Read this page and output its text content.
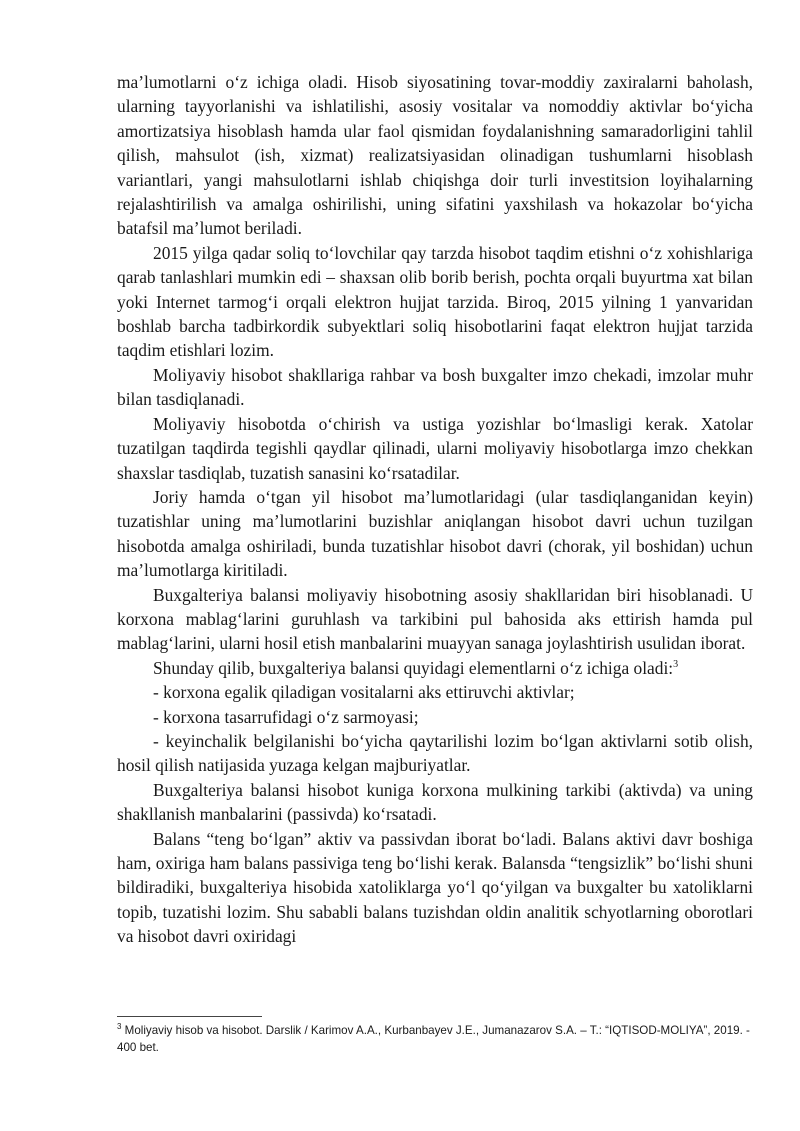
ma’lumotlarni o‘z ichiga oladi. Hisob siyosatining tovar-moddiy zaxiralarni baholash, ularning tayyorlanishi va ishlatilishi, asosiy vositalar va nomoddiy aktivlar bo‘yicha amortizatsiya hisoblash hamda ular faol qismidan foydalanishning samaradorligini tahlil qilish, mahsulot (ish, xizmat) realizatsiyasidan olinadigan tushumlarni hisoblash variantlari, yangi mahsulotlarni ishlab chiqishga doir turli investitsion loyihalarning rejalashtirilish va amalga oshirilishi, uning sifatini yaxshilash va hokazolar bo‘yicha batafsil ma’lumot beriladi.

2015 yilga qadar soliq to‘lovchilar qay tarzda hisobot taqdim etishni o‘z xohishlariga qarab tanlashlari mumkin edi – shaxsan olib borib berish, pochta orqali buyurtma xat bilan yoki Internet tarmog‘i orqali elektron hujjat tarzida. Biroq, 2015 yilning 1 yanvaridan boshlab barcha tadbirkordik subyektlari soliq hisobotlarini faqat elektron hujjat tarzida taqdim etishlari lozim.

Moliyaviy hisobot shakllariga rahbar va bosh buxgalter imzo chekadi, imzolar muhr bilan tasdiqlanadi.

Moliyaviy hisobotda o‘chirish va ustiga yozishlar bo‘lmasligi kerak. Xatolar tuzatilgan taqdirda tegishli qaydlar qilinadi, ularni moliyaviy hisobotlarga imzo chekkan shaxslar tasdiqlab, tuzatish sanasini ko‘rsatadilar.

Joriy hamda o‘tgan yil hisobot ma’lumotlaridagi (ular tasdiqlanganidan keyin) tuzatishlar uning ma’lumotlarini buzishlar aniqlangan hisobot davri uchun tuzilgan hisobotda amalga oshiriladi, bunda tuzatishlar hisobot davri (chorak, yil boshidan) uchun ma’lumotlarga kiritiladi.

Buxgalteriya balansi moliyaviy hisobotning asosiy shakllaridan biri hisoblanadi. U korxona mablag‘larini guruhlash va tarkibini pul bahosida aks ettirish hamda pul mablag‘larini, ularni hosil etish manbalarini muayyan sanaga joylashtirish usulidan iborat.

Shunday qilib, buxgalteriya balansi quyidagi elementlarni o‘z ichiga oladi:$^3$

- korxona egalik qiladigan vositalarni aks ettiruvchi aktivlar;

- korxona tasarrufidagi o‘z sarmoyasi;

- keyinchalik belgilanishi bo‘yicha qaytarilishi lozim bo‘lgan aktivlarni sotib olish, hosil qilish natijasida yuzaga kelgan majburiyatlar.

Buxgalteriya balansi hisobot kuniga korxona mulkining tarkibi (aktivda) va uning shakllanish manbalarini (passivda) ko‘rsatadi.

Balans “teng bo‘lgan” aktiv va passivdan iborat bo‘ladi. Balans aktivi davr boshiga ham, oxiriga ham balans passiviga teng bo‘lishi kerak. Balansda “tengsizlik” bo‘lishi shuni bildiradiki, buxgalteriya hisobida xatoliklarga yo‘l qo‘yilgan va buxgalter bu xatoliklarni topib, tuzatishi lozim. Shu sababli balans tuzishdan oldin analitik schyotlarning oborotlari va hisobot davri oxiridagi

$^3$ Moliyaviy hisob va hisobot. Darslik / Karimov A.A., Kurbanbayev J.E., Jumanazarov S.A. – T.: “IQTISOD-MOLIYA”, 2019. - 400 bet.
